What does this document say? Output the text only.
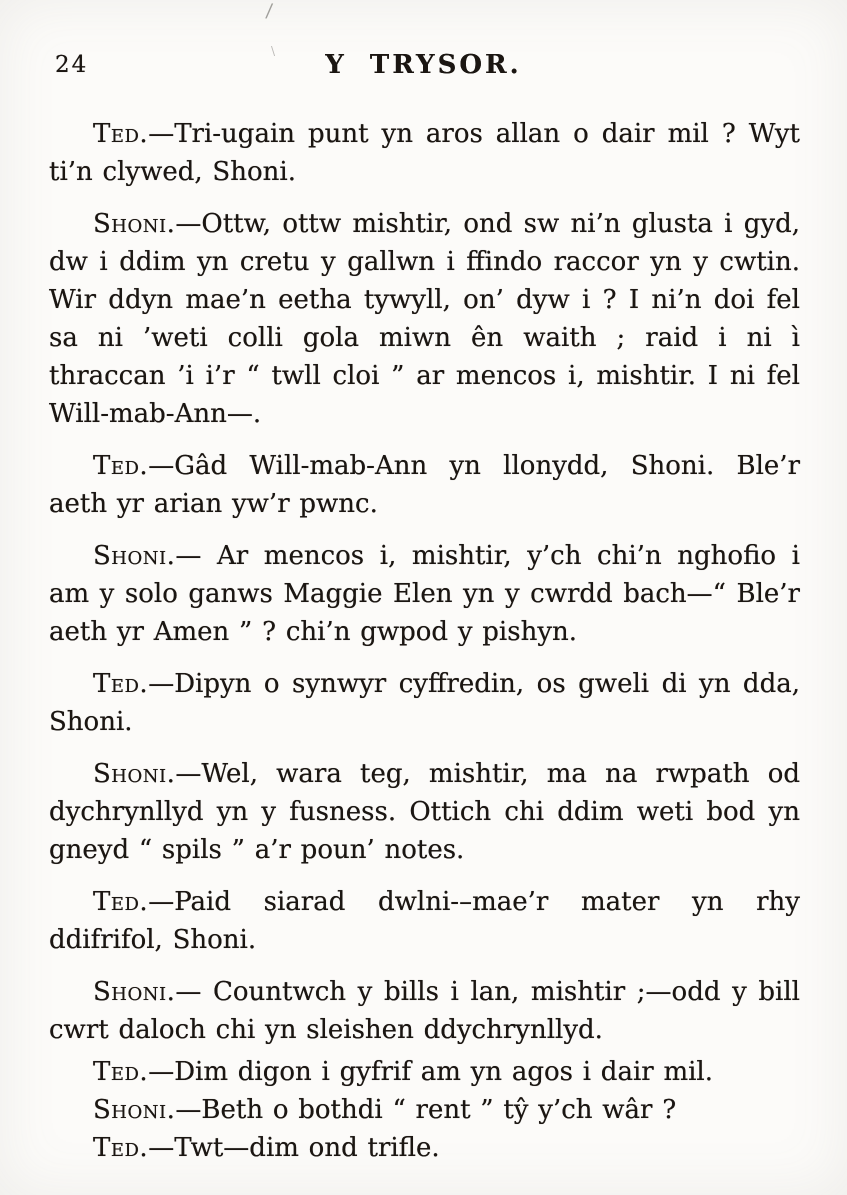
/
\
24	Y TRYSOR.

Ted.—Tri-ugain punt yn aros allan o dair mil ? Wyt ti’n clywed, Shoni.

Shoni.—Ottw, ottw mishtir, ond sw ni’n glusta i gyd, dw i ddim yn cretu y gallwn i ffindo raccor yn y cwtin. Wir ddyn mae’n eetha tywyll, on’ dyw i ? I ni’n doi fel sa ni ’weti colli gola miwn ên waith ; raid i ni ì thraccan ’i i’r “ twll cloi ” ar mencos i, mishtir. I ni fel Will-mab-Ann—.

Ted.—Gâd Will-mab-Ann yn llonydd, Shoni. Ble’r aeth yr arian yw’r pwnc.

Shoni.— Ar mencos i, mishtir, y’ch chi’n nghofio i am y solo ganws Maggie Elen yn y cwrdd bach—“ Ble’r aeth yr Amen ” ? chi’n gwpod y pishyn.

Ted.—Dipyn o synwyr cyffredin, os gweli di yn dda, Shoni.

Shoni.—Wel, wara teg, mishtir, ma na rwpath od dychrynllyd yn y fusness. Ottich chi ddim weti bod yn gneyd “ spils ” a’r poun’ notes.

Ted.—Paid siarad dwlni-–mae’r mater yn rhy ddifrifol, Shoni.

Shoni.— Countwch y bills i lan, mishtir ;—odd y bill cwrt daloch chi yn sleishen ddychrynllyd.

Ted.—Dim digon i gyfrif am yn agos i dair mil.

Shoni.—Beth o bothdi “ rent ” tŷ y’ch wâr ?

Ted.—Twt—dim ond trifle.
